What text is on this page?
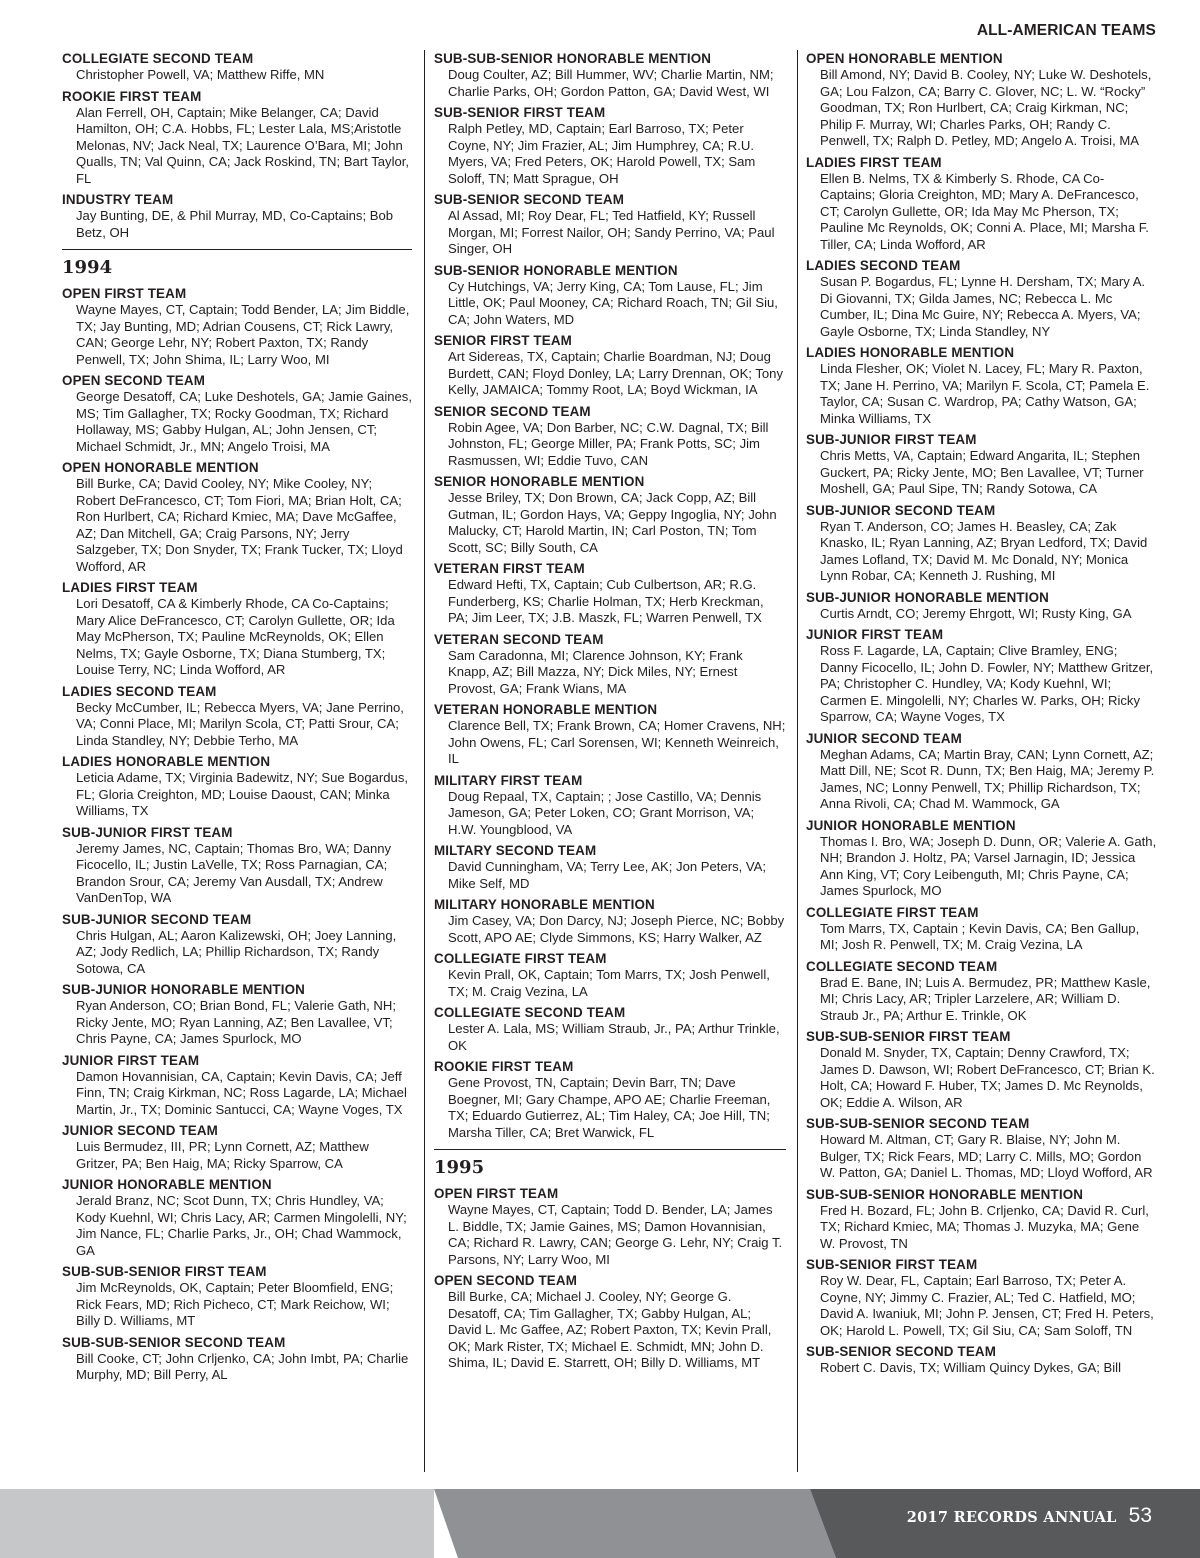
ALL-AMERICAN TEAMS
COLLEGIATE SECOND TEAM
Christopher Powell, VA; Matthew Riffe, MN
ROOKIE FIRST TEAM
Alan Ferrell, OH, Captain; Mike Belanger, CA; David Hamilton, OH; C.A. Hobbs, FL; Lester Lala, MS;Aristotle Melonas, NV; Jack Neal, TX; Laurence O’Bara, MI; John Qualls, TN; Val Quinn, CA; Jack Roskind, TN; Bart Taylor, FL
INDUSTRY TEAM
Jay Bunting, DE, & Phil Murray, MD, Co-Captains; Bob Betz, OH
1994
OPEN FIRST TEAM
Wayne Mayes, CT, Captain; Todd Bender, LA; Jim Biddle, TX; Jay Bunting, MD; Adrian Cousens, CT; Rick Lawry, CAN; George Lehr, NY; Robert Paxton, TX; Randy Penwell, TX; John Shima, IL; Larry Woo, MI
OPEN SECOND TEAM
George Desatoff, CA; Luke Deshotels, GA; Jamie Gaines, MS; Tim Gallagher, TX; Rocky Goodman, TX; Richard Hollaway, MS; Gabby Hulgan, AL; John Jensen, CT; Michael Schmidt, Jr., MN; Angelo Troisi, MA
OPEN HONORABLE MENTION
Bill Burke, CA; David Cooley, NY; Mike Cooley, NY; Robert DeFrancesco, CT; Tom Fiori, MA; Brian Holt, CA; Ron Hurlbert, CA; Richard Kmiec, MA; Dave McGaffee, AZ; Dan Mitchell, GA; Craig Parsons, NY; Jerry Salzgeber, TX; Don Snyder, TX; Frank Tucker, TX; Lloyd Wofford, AR
LADIES FIRST TEAM
Lori Desatoff, CA & Kimberly Rhode, CA Co-Captains; Mary Alice DeFrancesco, CT; Carolyn Gullette, OR; Ida May McPherson, TX; Pauline McReynolds, OK; Ellen Nelms, TX; Gayle Osborne, TX; Diana Stumberg, TX; Louise Terry, NC; Linda Wofford, AR
LADIES SECOND TEAM
Becky McCumber, IL; Rebecca Myers, VA; Jane Perrino, VA; Conni Place, MI; Marilyn Scola, CT; Patti Srour, CA; Linda Standley, NY; Debbie Terho, MA
LADIES HONORABLE MENTION
Leticia Adame, TX; Virginia Badewitz, NY; Sue Bogardus, FL; Gloria Creighton, MD; Louise Daoust, CAN; Minka Williams, TX
SUB-JUNIOR FIRST TEAM
Jeremy James, NC, Captain; Thomas Bro, WA; Danny Ficocello, IL; Justin LaVelle, TX; Ross Parnagian, CA; Brandon Srour, CA; Jeremy Van Ausdall, TX; Andrew VanDenTop, WA
SUB-JUNIOR SECOND TEAM
Chris Hulgan, AL; Aaron Kalizewski, OH; Joey Lanning, AZ; Jody Redlich, LA; Phillip Richardson, TX; Randy Sotowa, CA
SUB-JUNIOR HONORABLE MENTION
Ryan Anderson, CO; Brian Bond, FL; Valerie Gath, NH; Ricky Jente, MO; Ryan Lanning, AZ; Ben Lavallee, VT; Chris Payne, CA; James Spurlock, MO
JUNIOR FIRST TEAM
Damon Hovannisian, CA, Captain; Kevin Davis, CA; Jeff Finn, TN; Craig Kirkman, NC; Ross Lagarde, LA; Michael Martin, Jr., TX; Dominic Santucci, CA; Wayne Voges, TX
JUNIOR SECOND TEAM
Luis Bermudez, III, PR; Lynn Cornett, AZ; Matthew Gritzer, PA; Ben Haig, MA; Ricky Sparrow, CA
JUNIOR HONORABLE MENTION
Jerald Branz, NC; Scot Dunn, TX; Chris Hundley, VA; Kody Kuehnl, WI; Chris Lacy, AR; Carmen Mingolelli, NY; Jim Nance, FL; Charlie Parks, Jr., OH; Chad Wammock, GA
SUB-SUB-SENIOR FIRST TEAM
Jim McReynolds, OK, Captain; Peter Bloomfield, ENG; Rick Fears, MD; Rich Picheco, CT; Mark Reichow, WI; Billy D. Williams, MT
SUB-SUB-SENIOR SECOND TEAM
Bill Cooke, CT; John Crljenko, CA; John Imbt, PA; Charlie Murphy, MD; Bill Perry, AL
SUB-SUB-SENIOR HONORABLE MENTION
Doug Coulter, AZ; Bill Hummer, WV; Charlie Martin, NM; Charlie Parks, OH; Gordon Patton, GA; David West, WI
SUB-SENIOR FIRST TEAM
Ralph Petley, MD, Captain; Earl Barroso, TX; Peter Coyne, NY; Jim Frazier, AL; Jim Humphrey, CA; R.U. Myers, VA; Fred Peters, OK; Harold Powell, TX; Sam Soloff, TN; Matt Sprague, OH
SUB-SENIOR SECOND TEAM
Al Assad, MI; Roy Dear, FL; Ted Hatfield, KY; Russell Morgan, MI; Forrest Nailor, OH; Sandy Perrino, VA; Paul Singer, OH
SUB-SENIOR HONORABLE MENTION
Cy Hutchings, VA; Jerry King, CA; Tom Lause, FL; Jim Little, OK; Paul Mooney, CA; Richard Roach, TN; Gil Siu, CA; John Waters, MD
SENIOR FIRST TEAM
Art Sidereas, TX, Captain; Charlie Boardman, NJ; Doug Burdett, CAN; Floyd Donley, LA; Larry Drennan, OK; Tony Kelly, JAMAICA; Tommy Root, LA; Boyd Wickman, IA
SENIOR SECOND TEAM
Robin Agee, VA; Don Barber, NC; C.W. Dagnal, TX; Bill Johnston, FL; George Miller, PA; Frank Potts, SC; Jim Rasmussen, WI; Eddie Tuvo, CAN
SENIOR HONORABLE MENTION
Jesse Briley, TX; Don Brown, CA; Jack Copp, AZ; Bill Gutman, IL; Gordon Hays, VA; Geppy Ingoglia, NY; John Malucky, CT; Harold Martin, IN; Carl Poston, TN; Tom Scott, SC; Billy South, CA
VETERAN FIRST TEAM
Edward Hefti, TX, Captain; Cub Culbertson, AR; R.G. Funderberg, KS; Charlie Holman, TX; Herb Kreckman, PA; Jim Leer, TX; J.B. Maszk, FL; Warren Penwell, TX
VETERAN SECOND TEAM
Sam Caradonna, MI; Clarence Johnson, KY; Frank Knapp, AZ; Bill Mazza, NY; Dick Miles, NY; Ernest Provost, GA; Frank Wians, MA
VETERAN HONORABLE MENTION
Clarence Bell, TX; Frank Brown, CA; Homer Cravens, NH; John Owens, FL; Carl Sorensen, WI; Kenneth Weinreich, IL
MILITARY FIRST TEAM
Doug Repaal, TX, Captain; ; Jose Castillo, VA; Dennis Jameson, GA; Peter Loken, CO; Grant Morrison, VA; H.W. Youngblood, VA
MILTARY SECOND TEAM
David Cunningham, VA; Terry Lee, AK; Jon Peters, VA; Mike Self, MD
MILITARY HONORABLE MENTION
Jim Casey, VA; Don Darcy, NJ; Joseph Pierce, NC; Bobby Scott, APO AE; Clyde Simmons, KS; Harry Walker, AZ
COLLEGIATE FIRST TEAM
Kevin Prall, OK, Captain; Tom Marrs, TX; Josh Penwell, TX; M. Craig Vezina, LA
COLLEGIATE SECOND TEAM
Lester A. Lala, MS; William Straub, Jr., PA; Arthur Trinkle, OK
ROOKIE FIRST TEAM
Gene Provost, TN, Captain; Devin Barr, TN; Dave Boegner, MI; Gary Champe, APO AE; Charlie Freeman, TX; Eduardo Gutierrez, AL; Tim Haley, CA; Joe Hill, TN; Marsha Tiller, CA; Bret Warwick, FL
1995
OPEN FIRST TEAM
Wayne Mayes, CT, Captain; Todd D. Bender, LA; James L. Biddle, TX; Jamie Gaines, MS; Damon Hovannisian, CA; Richard R. Lawry, CAN; George G. Lehr, NY; Craig T. Parsons, NY; Larry Woo, MI
OPEN SECOND TEAM
Bill Burke, CA; Michael J. Cooley, NY; George G. Desatoff, CA; Tim Gallagher, TX; Gabby Hulgan, AL; David L. Mc Gaffee, AZ; Robert Paxton, TX; Kevin Prall, OK; Mark Rister, TX; Michael E. Schmidt, MN; John D. Shima, IL; David E. Starrett, OH; Billy D. Williams, MT
OPEN HONORABLE MENTION
Bill Amond, NY; David B. Cooley, NY; Luke W. Deshotels, GA; Lou Falzon, CA; Barry C. Glover, NC; L. W. “Rocky” Goodman, TX; Ron Hurlbert, CA; Craig Kirkman, NC; Philip F. Murray, WI; Charles Parks, OH; Randy C. Penwell, TX; Ralph D. Petley, MD; Angelo A. Troisi, MA
LADIES FIRST TEAM
Ellen B. Nelms, TX & Kimberly S. Rhode, CA Co-Captains; Gloria Creighton, MD; Mary A. DeFrancesco, CT; Carolyn Gullette, OR; Ida May Mc Pherson, TX; Pauline Mc Reynolds, OK; Conni A. Place, MI; Marsha F. Tiller, CA; Linda Wofford, AR
LADIES SECOND TEAM
Susan P. Bogardus, FL; Lynne H. Dersham, TX; Mary A. Di Giovanni, TX; Gilda James, NC; Rebecca L. Mc Cumber, IL; Dina Mc Guire, NY; Rebecca A. Myers, VA; Gayle Osborne, TX; Linda Standley, NY
LADIES HONORABLE MENTION
Linda Flesher, OK; Violet N. Lacey, FL; Mary R. Paxton, TX; Jane H. Perrino, VA; Marilyn F. Scola, CT; Pamela E. Taylor, CA; Susan C. Wardrop, PA; Cathy Watson, GA; Minka Williams, TX
SUB-JUNIOR FIRST TEAM
Chris Metts, VA, Captain; Edward Angarita, IL; Stephen Guckert, PA; Ricky Jente, MO; Ben Lavallee, VT; Turner Moshell, GA; Paul Sipe, TN; Randy Sotowa, CA
SUB-JUNIOR SECOND TEAM
Ryan T. Anderson, CO; James H. Beasley, CA; Zak Knasko, IL; Ryan Lanning, AZ; Bryan Ledford, TX; David James Lofland, TX; David M. Mc Donald, NY; Monica Lynn Robar, CA; Kenneth J. Rushing, MI
SUB-JUNIOR HONORABLE MENTION
Curtis Arndt, CO; Jeremy Ehrgott, WI; Rusty King, GA
JUNIOR FIRST TEAM
Ross F. Lagarde, LA, Captain; Clive Bramley, ENG; Danny Ficocello, IL; John D. Fowler, NY; Matthew Gritzer, PA; Christopher C. Hundley, VA; Kody Kuehnl, WI; Carmen E. Mingolelli, NY; Charles W. Parks, OH; Ricky Sparrow, CA; Wayne Voges, TX
JUNIOR SECOND TEAM
Meghan Adams, CA; Martin Bray, CAN; Lynn Cornett, AZ; Matt Dill, NE; Scot R. Dunn, TX; Ben Haig, MA; Jeremy P. James, NC; Lonny Penwell, TX; Phillip Richardson, TX; Anna Rivoli, CA; Chad M. Wammock, GA
JUNIOR HONORABLE MENTION
Thomas I. Bro, WA; Joseph D. Dunn, OR; Valerie A. Gath, NH; Brandon J. Holtz, PA; Varsel Jarnagin, ID; Jessica Ann King, VT; Cory Leibenguth, MI; Chris Payne, CA; James Spurlock, MO
COLLEGIATE FIRST TEAM
Tom Marrs, TX, Captain ; Kevin Davis, CA; Ben Gallup, MI; Josh R. Penwell, TX; M. Craig Vezina, LA
COLLEGIATE SECOND TEAM
Brad E. Bane, IN; Luis A. Bermudez, PR; Matthew Kasle, MI; Chris Lacy, AR; Tripler Larzelere, AR; William D. Straub Jr., PA; Arthur E. Trinkle, OK
SUB-SUB-SENIOR FIRST TEAM
Donald M. Snyder, TX, Captain; Denny Crawford, TX; James D. Dawson, WI; Robert DeFrancesco, CT; Brian K. Holt, CA; Howard F. Huber, TX; James D. Mc Reynolds, OK; Eddie A. Wilson, AR
SUB-SUB-SENIOR SECOND TEAM
Howard M. Altman, CT; Gary R. Blaise, NY; John M. Bulger, TX; Rick Fears, MD; Larry C. Mills, MO; Gordon W. Patton, GA; Daniel L. Thomas, MD; Lloyd Wofford, AR
SUB-SUB-SENIOR HONORABLE MENTION
Fred H. Bozard, FL; John B. Crljenko, CA; David R. Curl, TX; Richard Kmiec, MA; Thomas J. Muzyka, MA; Gene W. Provost, TN
SUB-SENIOR FIRST TEAM
Roy W. Dear, FL, Captain; Earl Barroso, TX; Peter A. Coyne, NY; Jimmy C. Frazier, AL; Ted C. Hatfield, MO; David A. Iwaniuk, MI; John P. Jensen, CT; Fred H. Peters, OK; Harold L. Powell, TX; Gil Siu, CA; Sam Soloff, TN
SUB-SENIOR SECOND TEAM
Robert C. Davis, TX; William Quincy Dykes, GA; Bill
2017 RECORDS ANNUAL 53
